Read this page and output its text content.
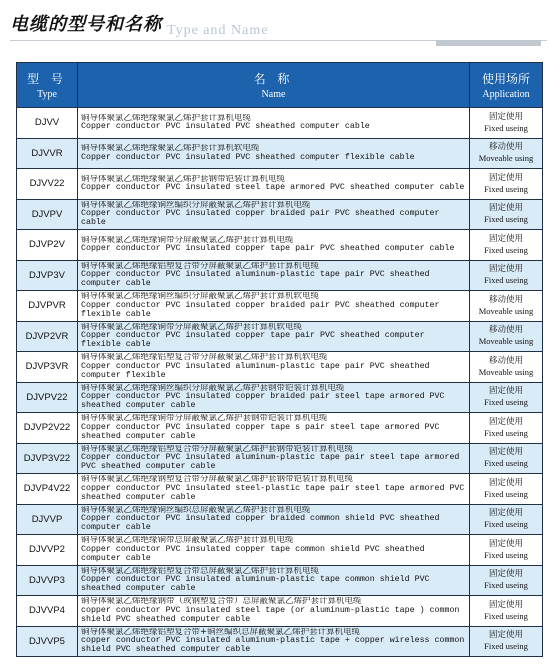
电缆的型号和名称 Type and Name
型 号
Type	名 称
Name	使用场所
Application

DJVV	铜导体聚氯乙烯绝缘聚氯乙烯护套计算机电缆
Copper conductor PVC insulated PVC sheathed computer cable	固定使用
Fixed useing

DJVVR	铜导体聚氯乙烯绝缘聚氯乙烯护套计算机软电缆
Copper conductor PVC insulated PVC sheathed computer flexible cable	移动使用
Moveable using

DJVV22	铜导体聚氯乙烯绝缘聚氯乙烯护套钢带铠装计算机电缆
Copper conductor PVC insulated steel tape armored PVC sheathed computer cable	固定使用
Fixed useing

DJVPV	铜导体聚氯乙烯绝缘铜丝编织分屏蔽聚氯乙烯护套计算机电缆
Copper conductor PVC insulated copper braided pair PVC sheathed computer cable	固定使用
Fixed useing

DJVP2V	铜导体聚氯乙烯绝缘铜带分屏蔽聚氯乙烯护套计算机电缆
Copper conductor PVC insulated copper tape pair PVC sheathed computer cable	固定使用
Fixed useing

DJVP3V	铜导体聚氯乙烯绝缘铝塑复合带分屏蔽聚氯乙烯护套计算机电缆
Copper conductor PVC insulated aluminum-plastic tape pair PVC sheathed computer cable	固定使用
Fixed useing

DJVPVR	铜导体聚氯乙烯绝缘铜丝编织分屏蔽聚氯乙烯护套计算机软电缆
Copper conductor PVC insulated copper braided pair PVC sheathed computer flexible cable	移动使用
Moveable using

DJVP2VR	铜导体聚氯乙烯绝缘铜带分屏蔽聚氯乙烯护套计算机软电缆
Copper conductor PVC insulated copper tape pair PVC sheathed computer flexible cable	移动使用
Moveable using

DJVP3VR	铜导体聚氯乙烯绝缘铝塑复合带分屏蔽聚氯乙烯护套计算机软电缆
Copper conductor PVC insulated aluminum-plastic tape pair PVC sheathed computer flexible	移动使用
Moveable using

DJVPV22	铜导体聚氯乙烯绝缘铜丝编织分屏蔽聚氯乙烯护套钢带铠装计算机电缆
Copper conductor PVC insulated copper braided pair steel tape armored PVC sheathed computer cable	固定使用
Fixed useing

DJVP2V22	铜导体聚氯乙烯绝缘铜带分屏蔽聚氯乙烯护套钢带铠装计算机电缆
Copper conductor PVC insulated copper tape s pair steel tape armored PVC sheathed computer cable	固定使用
Fixed useing

DJVP3V22	铜导体聚氯乙烯绝缘铝塑复合带分屏蔽聚氯乙烯护套钢带铠装计算机电缆
Copper conductor PVC insulated aluminum-plastic tape pair steel tape armored PVC sheathed computer cable	固定使用
Fixed useing

DJVP4V22	铜导体聚氯乙烯绝缘钢塑复合带分屏蔽聚氯乙烯护套钢带铠装计算机电缆
copper conductor PVC insulated steel-plastic tape pair steel tape armored PVC sheathed computer cable	固定使用
Fixed useing

DJVVP	铜导体聚氯乙烯绝缘铜丝编织总屏蔽聚氯乙烯护套计算机电缆
Copper conductor PVC insulated copper braided common shield PVC sheathed computer cable	固定使用
Fixed useing

DJVVP2	铜导体聚氯乙烯绝缘铜带总屏蔽聚氯乙烯护套计算机电缆
Copper conductor PVC insulated copper tape common shield PVC sheathed computer cable	固定使用
Fixed useing

DJVVP3	铜导体聚氯乙烯绝缘铝塑复合带总屏蔽聚氯乙烯护套计算机电缆
Copper conductor PVC insulated aluminum-plastic tape common shield PVC sheathed computer cable	固定使用
Fixed useing

DJVVP4	铜导体聚氯乙烯绝缘钢带（或钢塑复合带）总屏蔽聚氯乙烯护套计算机电缆
copper conductor PVC insulated steel tape (or aluminum-plastic tape ) common shield PVC sheathed computer cable	固定使用
Fixed useing

DJVVP5	铜导体聚氯乙烯绝缘铝塑复合带+铜丝编织总屏蔽聚氯乙烯护套计算机电缆
copper conductor PVC insulated aluminum-plastic tape + copper wireless common shield PVC sheathed computer cable	固定使用
Fixed useing
